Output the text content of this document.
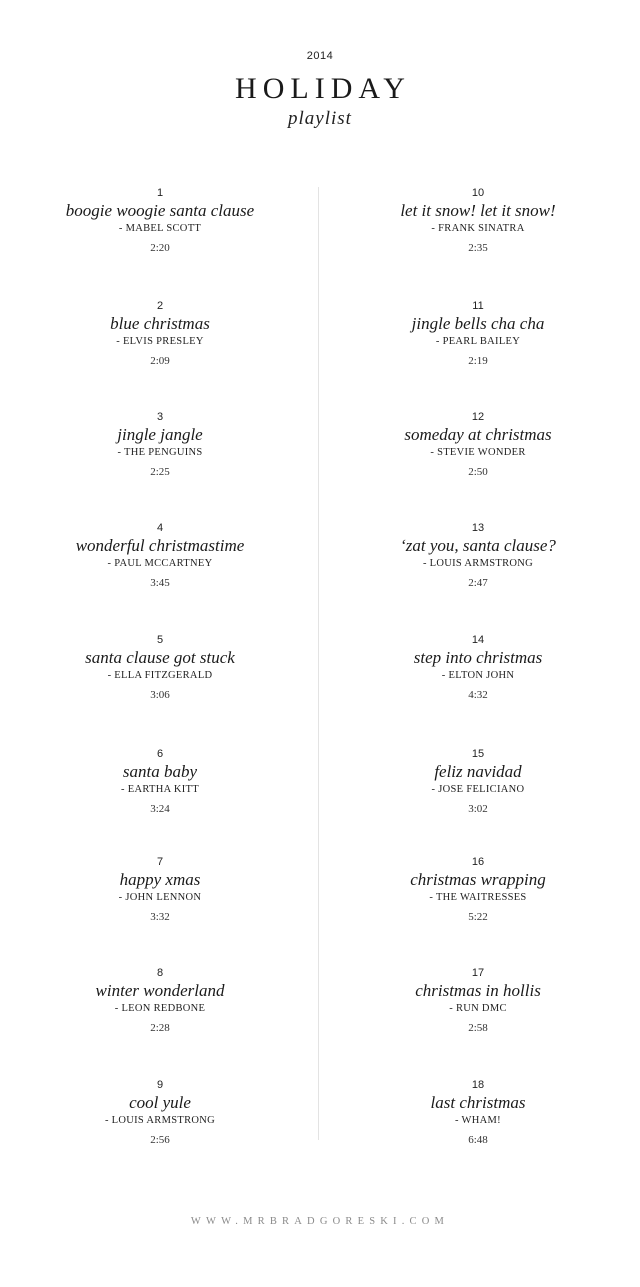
2014
HOLIDAY
playlist
1
boogie woogie santa clause
- MABEL SCOTT
2:20
2
blue christmas
- ELVIS PRESLEY
2:09
3
jingle jangle
- THE PENGUINS
2:25
4
wonderful christmastime
- PAUL MCCARTNEY
3:45
5
santa clause got stuck
- ELLA FITZGERALD
3:06
6
santa baby
- EARTHA KITT
3:24
7
happy xmas
- JOHN LENNON
3:32
8
winter wonderland
- LEON REDBONE
2:28
9
cool yule
- LOUIS ARMSTRONG
2:56
10
let it snow! let it snow!
- FRANK SINATRA
2:35
11
jingle bells cha cha
- PEARL BAILEY
2:19
12
someday at christmas
- STEVIE WONDER
2:50
13
‘zat you, santa clause?
- LOUIS ARMSTRONG
2:47
14
step into christmas
- ELTON JOHN
4:32
15
feliz navidad
- JOSE FELICIANO
3:02
16
christmas wrapping
- THE WAITRESSES
5:22
17
christmas in hollis
- RUN DMC
2:58
18
last christmas
- WHAM!
6:48
WWW.MRBRADGORESKI.COM
